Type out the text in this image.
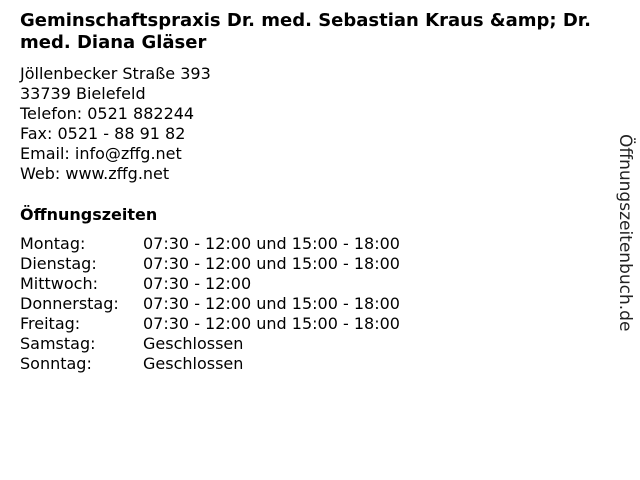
Geminschaftspraxis Dr. med. Sebastian Kraus &amp; Dr. med. Diana Gläser
Jöllenbecker Straße 393
33739 Bielefeld
Telefon: 0521 882244
Fax: 0521 - 88 91 82
Email: info@zffg.net
Web: www.zffg.net
Öffnungszeiten
Montag:	07:30 - 12:00 und 15:00 - 18:00
Dienstag:	07:30 - 12:00 und 15:00 - 18:00
Mittwoch:	07:30 - 12:00
Donnerstag:	07:30 - 12:00 und 15:00 - 18:00
Freitag:	07:30 - 12:00 und 15:00 - 18:00
Samstag:	Geschlossen
Sonntag:	Geschlossen
Öffnungszeitenbuch.de
